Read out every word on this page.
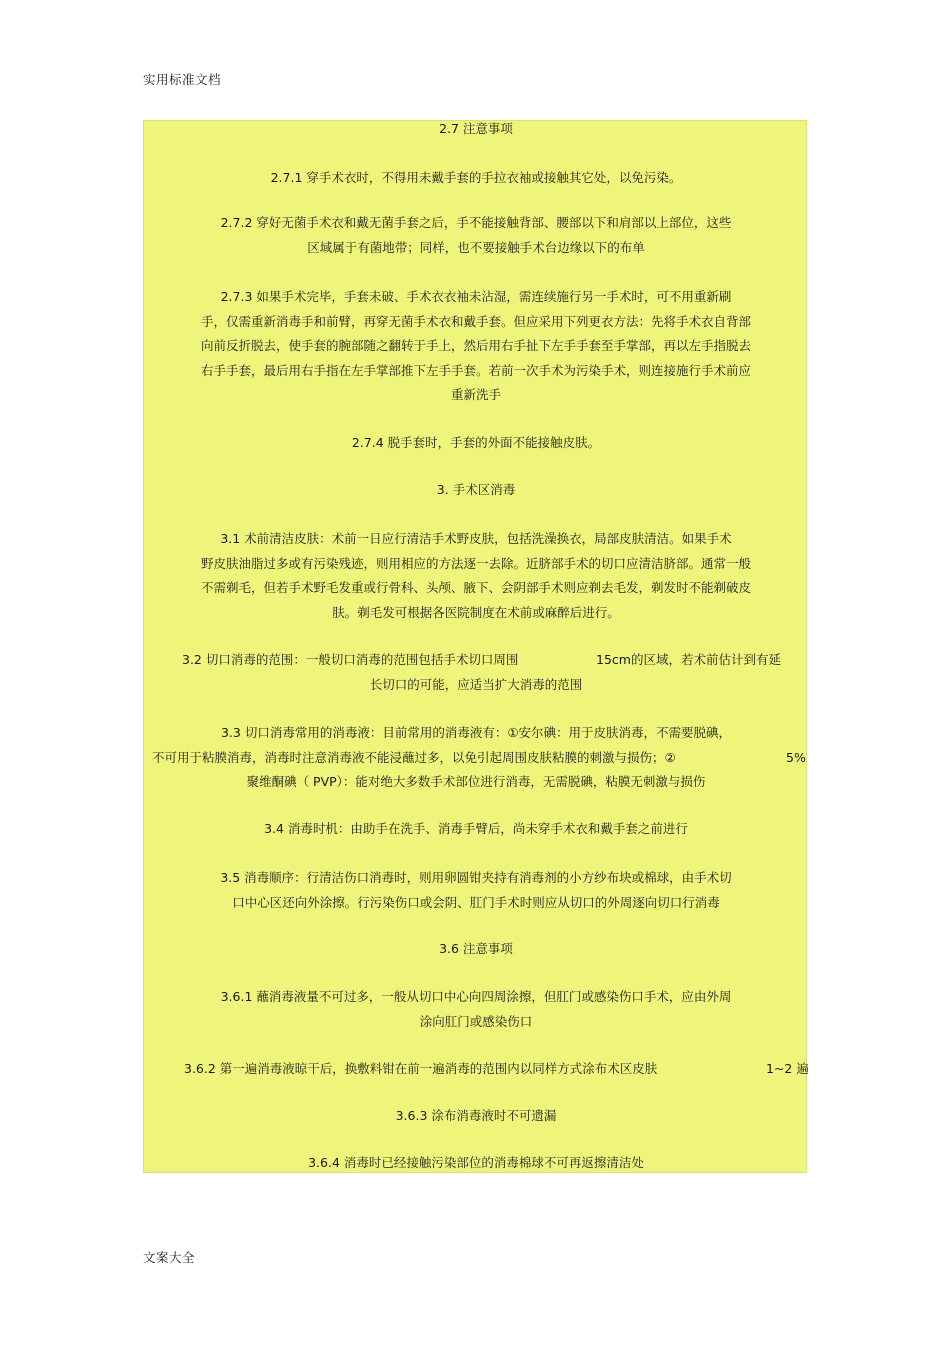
实用标准文档
2.7 注意事项
2.7.1 穿手术衣时，不得用未戴手套的手拉衣袖或接触其它处，以免污染。
2.7.2 穿好无菌手术衣和戴无菌手套之后，手不能接触背部、腰部以下和肩部以上部位，这些
区域属于有菌地带；同样，也不要接触手术台边缘以下的布单
2.7.3 如果手术完毕，手套未破、手术衣衣袖未沾湿，需连续施行另一手术时，可不用重新刷
手，仅需重新消毒手和前臂，再穿无菌手术衣和戴手套。但应采用下列更衣方法：先将手术衣自背部
向前反折脱去，使手套的腕部随之翻转于手上，然后用右手扯下左手手套至手掌部，再以左手指脱去
右手手套，最后用右手指在左手掌部推下左手手套。若前一次手术为污染手术，则连接施行手术前应
重新洗手
2.7.4 脱手套时，手套的外面不能接触皮肤。
3. 手术区消毒
3.1 术前清洁皮肤：术前一日应行清洁手术野皮肤，包括洗澡换衣，局部皮肤清洁。如果手术
野皮肤油脂过多或有污染残迹，则用相应的方法逐一去除。近脐部手术的切口应清洁脐部。通常一般
不需剃毛，但若手术野毛发重或行骨科、头颅、腋下、会阴部手术则应剃去毛发，剃发时不能剃破皮
肤。剃毛发可根据各医院制度在术前或麻醉后进行。
3.2 切口消毒的范围：一般切口消毒的范围包括手术切口周围	15cm的区域，若术前估计到有延
长切口的可能，应适当扩大消毒的范围
3.3 切口消毒常用的消毒液：目前常用的消毒液有：①安尔碘：用于皮肤消毒，不需要脱碘，
不可用于粘膜消毒，消毒时注意消毒液不能浸蘸过多，以免引起周围皮肤粘膜的刺激与损伤；②	5%
聚维酮碘（ PVP）：能对绝大多数手术部位进行消毒，无需脱碘，粘膜无刺激与损伤
3.4 消毒时机：由助手在洗手、消毒手臂后，尚未穿手术衣和戴手套之前进行
3.5 消毒顺序：行清洁伤口消毒时，则用卵圆钳夹持有消毒剂的小方纱布块或棉球，由手术切
口中心区还向外涂擦。行污染伤口或会阴、肛门手术时则应从切口的外周逐向切口行消毒
3.6 注意事项
3.6.1 蘸消毒液量不可过多，一般从切口中心向四周涂擦，但肛门或感染伤口手术，应由外周
涂向肛门或感染伤口
3.6.2 第一遍消毒液晾干后，换敷料钳在前一遍消毒的范围内以同样方式涂布术区皮肤	1~2 遍
3.6.3 涂布消毒液时不可遗漏
3.6.4 消毒时已经接触污染部位的消毒棉球不可再返擦清洁处
文案大全
